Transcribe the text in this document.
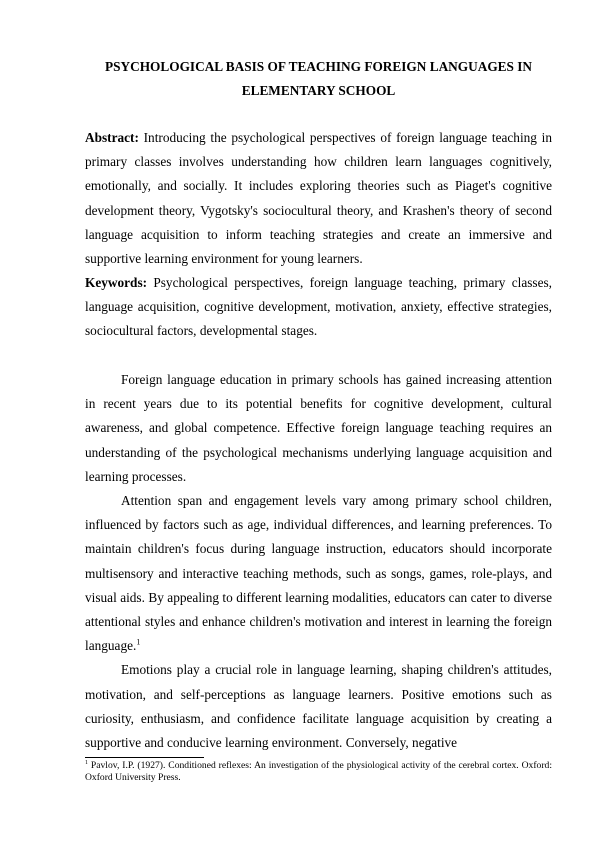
PSYCHOLOGICAL BASIS OF TEACHING FOREIGN LANGUAGES IN ELEMENTARY SCHOOL

Abstract: Introducing the psychological perspectives of foreign language teaching in primary classes involves understanding how children learn languages cognitively, emotionally, and socially. It includes exploring theories such as Piaget's cognitive development theory, Vygotsky's sociocultural theory, and Krashen's theory of second language acquisition to inform teaching strategies and create an immersive and supportive learning environment for young learners.

Keywords: Psychological perspectives, foreign language teaching, primary classes, language acquisition, cognitive development, motivation, anxiety, effective strategies, sociocultural factors, developmental stages.

Foreign language education in primary schools has gained increasing attention in recent years due to its potential benefits for cognitive development, cultural awareness, and global competence. Effective foreign language teaching requires an understanding of the psychological mechanisms underlying language acquisition and learning processes.

Attention span and engagement levels vary among primary school children, influenced by factors such as age, individual differences, and learning preferences. To maintain children's focus during language instruction, educators should incorporate multisensory and interactive teaching methods, such as songs, games, role-plays, and visual aids. By appealing to different learning modalities, educators can cater to diverse attentional styles and enhance children's motivation and interest in learning the foreign language.$^1$

Emotions play a crucial role in language learning, shaping children's attitudes, motivation, and self-perceptions as language learners. Positive emotions such as curiosity, enthusiasm, and confidence facilitate language acquisition by creating a supportive and conducive learning environment. Conversely, negative

$^1$ Pavlov, I.P. (1927). Conditioned reflexes: An investigation of the physiological activity of the cerebral cortex. Oxford: Oxford University Press.
